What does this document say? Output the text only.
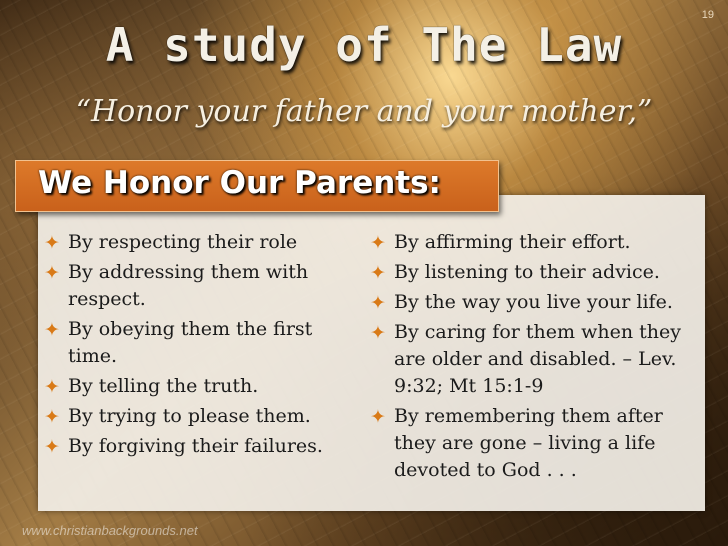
19
A study of The Law
“Honor your father and your mother,”
We Honor Our Parents:
✦ By respecting their role
✦ By addressing them with respect.
✦ By obeying them the first time.
✦ By telling the truth.
✦ By trying to please them.
✦ By forgiving their failures.
✦ By affirming their effort.
✦ By listening to their advice.
✦ By the way you live your life.
✦ By caring for them when they are older and disabled. – Lev. 9:32; Mt 15:1-9
✦ By remembering them after they are gone – living a life devoted to God . . .
www.christianbackgrounds.net
